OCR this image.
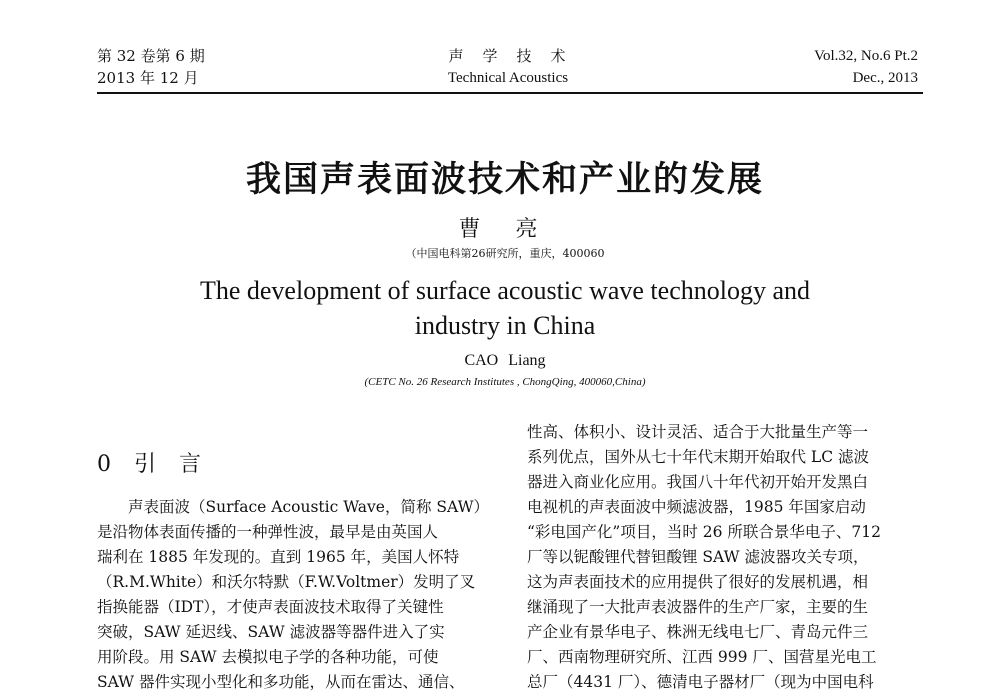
第 32 卷第 6 期
2013 年 12 月
声　学　技　术
Technical Acoustics
Vol.32, No.6 Pt.2
Dec., 2013
我国声表面波技术和产业的发展
曹 亮
（中国电科第26研究所，重庆，400060
The development of surface acoustic wave technology and
industry in China
CAO Liang
(CETC No. 26 Research Institutes , ChongQing, 400060,China)
0 引 言
声表面波（Surface Acoustic Wave，简称 SAW）
是沿物体表面传播的一种弹性波，最早是由英国人
瑞利在 1885 年发现的。直到 1965 年，美国人怀特
（R.M.White）和沃尔特默（F.W.Voltmer）发明了叉
指换能器（IDT），才使声表面波技术取得了关键性
突破，SAW 延迟线、SAW 滤波器等器件进入了实
用阶段。用 SAW 去模拟电子学的各种功能，可使
SAW 器件实现小型化和多功能，从而在雷达、通信、
性高、体积小、设计灵活、适合于大批量生产等一
系列优点，国外从七十年代末期开始取代 LC 滤波
器进入商业化应用。我国八十年代初开始开发黑白
电视机的声表面波中频滤波器，1985 年国家启动
“彩电国产化”项目，当时 26 所联合景华电子、712
厂等以铌酸锂代替钽酸锂 SAW 滤波器攻关专项，
这为声表面技术的应用提供了很好的发展机遇，相
继涌现了一大批声表波器件的生产厂家，主要的生
产企业有景华电子、株洲无线电七厂、青岛元件三
厂、西南物理研究所、江西 999 厂、国营星光电工
总厂（4431 厂）、德清电子器材厂（现为中国电科
